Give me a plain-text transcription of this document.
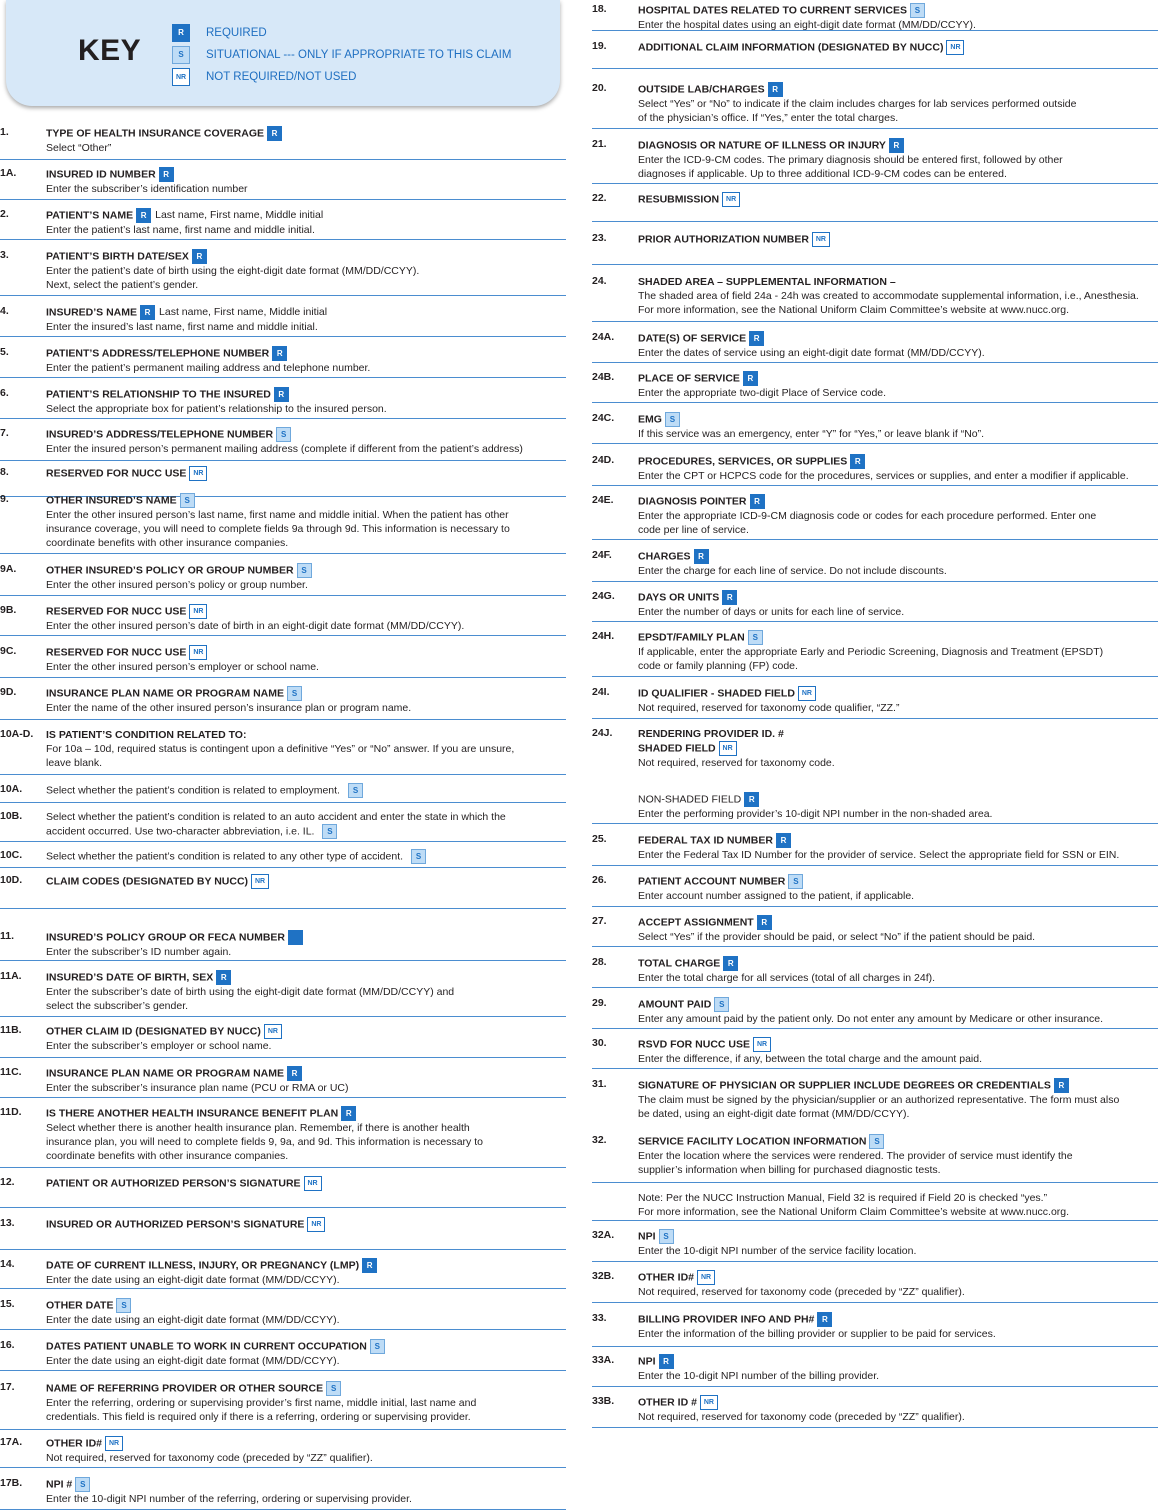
KEY
R	REQUIRED
S	SITUATIONAL --- ONLY IF APPROPRIATE TO THIS CLAIM
NR	NOT REQUIRED/NOT USED
1.	TYPE OF HEALTH INSURANCE COVERAGE R
Select “Other”
1A.	INSURED ID NUMBER R
Enter the subscriber’s identification number
2.	PATIENT’S NAME R Last name, First name, Middle initial
Enter the patient’s last name, first name and middle initial.
3.	PATIENT’S BIRTH DATE/SEX R
Enter the patient’s date of birth using the eight-digit date format (MM/DD/CCYY).
Next, select the patient’s gender.
4.	INSURED’S NAME R Last name, First name, Middle initial
Enter the insured’s last name, first name and middle initial.
5.	PATIENT’S ADDRESS/TELEPHONE NUMBER R
Enter the patient’s permanent mailing address and telephone number.
6.	PATIENT’S RELATIONSHIP TO THE INSURED R
Select the appropriate box for patient’s relationship to the insured person.
7.	INSURED’S ADDRESS/TELEPHONE NUMBER S
Enter the insured person’s permanent mailing address (complete if different from the patient’s address)
8.	RESERVED FOR NUCC USE NR
9.	OTHER INSURED’S NAME S
Enter the other insured person’s last name, first name and middle initial. When the patient has other
insurance coverage, you will need to complete fields 9a through 9d. This information is necessary to
coordinate benefits with other insurance companies.
9A.	OTHER INSURED’S POLICY OR GROUP NUMBER S
Enter the other insured person’s policy or group number.
9B.	RESERVED FOR NUCC USE NR
Enter the other insured person’s date of birth in an eight-digit date format (MM/DD/CCYY).
9C.	RESERVED FOR NUCC USE NR
Enter the other insured person’s employer or school name.
9D.	INSURANCE PLAN NAME OR PROGRAM NAME S
Enter the name of the other insured person’s insurance plan or program name.
10A-D. IS PATIENT’S CONDITION RELATED TO:
For 10a – 10d, required status is contingent upon a definitive “Yes” or “No” answer. If you are unsure,
leave blank.
10A. Select whether the patient’s condition is related to employment. S
10B. Select whether the patient’s condition is related to an auto accident and enter the state in which the
accident occurred. Use two-character abbreviation, i.e. IL. S
10C. Select whether the patient’s condition is related to any other type of accident. S
10D. CLAIM CODES (DESIGNATED BY NUCC) NR
11.	INSURED’S POLICY GROUP OR FECA NUMBER
Enter the subscriber’s ID number again.
11A. INSURED’S DATE OF BIRTH, SEX R
Enter the subscriber’s date of birth using the eight-digit date format (MM/DD/CCYY) and
select the subscriber’s gender.
11B. OTHER CLAIM ID (DESIGNATED BY NUCC) NR
Enter the subscriber’s employer or school name.
11C. INSURANCE PLAN NAME OR PROGRAM NAME R
Enter the subscriber’s insurance plan name (PCU or RMA or UC)
11D. IS THERE ANOTHER HEALTH INSURANCE BENEFIT PLAN R
Select whether there is another health insurance plan. Remember, if there is another health
insurance plan, you will need to complete fields 9, 9a, and 9d. This information is necessary to
coordinate benefits with other insurance companies.
12.	PATIENT OR AUTHORIZED PERSON’S SIGNATURE NR
13.	INSURED OR AUTHORIZED PERSON’S SIGNATURE NR
14.	DATE OF CURRENT ILLNESS, INJURY, OR PREGNANCY (LMP) R
Enter the date using an eight-digit date format (MM/DD/CCYY).
15.	OTHER DATE S
Enter the date using an eight-digit date format (MM/DD/CCYY).
16.	DATES PATIENT UNABLE TO WORK IN CURRENT OCCUPATION S
Enter the date using an eight-digit date format (MM/DD/CCYY).
17.	NAME OF REFERRING PROVIDER OR OTHER SOURCE S
Enter the referring, ordering or supervising provider’s first name, middle initial, last name and
credentials. This field is required only if there is a referring, ordering or supervising provider.
17A. OTHER ID# NR
Not required, reserved for taxonomy code (preceded by “ZZ” qualifier).
17B. NPI # S
Enter the 10-digit NPI number of the referring, ordering or supervising provider.
18.	HOSPITAL DATES RELATED TO CURRENT SERVICES S
Enter the hospital dates using an eight-digit date format (MM/DD/CCYY).
19.	ADDITIONAL CLAIM INFORMATION (DESIGNATED BY NUCC) NR
20.	OUTSIDE LAB/CHARGES R
Select “Yes” or “No” to indicate if the claim includes charges for lab services performed outside
of the physician’s office. If “Yes,” enter the total charges.
21.	DIAGNOSIS OR NATURE OF ILLNESS OR INJURY R
Enter the ICD-9-CM codes. The primary diagnosis should be entered first, followed by other
diagnoses if applicable. Up to three additional ICD-9-CM codes can be entered.
22.	RESUBMISSION NR
23.	PRIOR AUTHORIZATION NUMBER NR
24.	SHADED AREA – SUPPLEMENTAL INFORMATION –
The shaded area of field 24a - 24h was created to accommodate supplemental information, i.e., Anesthesia.
For more information, see the National Uniform Claim Committee’s website at www.nucc.org.
24A. DATE(S) OF SERVICE R
Enter the dates of service using an eight-digit date format (MM/DD/CCYY).
24B. PLACE OF SERVICE R
Enter the appropriate two-digit Place of Service code.
24C. EMG S
If this service was an emergency, enter “Y” for “Yes,” or leave blank if “No”.
24D. PROCEDURES, SERVICES, OR SUPPLIES R
Enter the CPT or HCPCS code for the procedures, services or supplies, and enter a modifier if applicable.
24E. DIAGNOSIS POINTER R
Enter the appropriate ICD-9-CM diagnosis code or codes for each procedure performed. Enter one
code per line of service.
24F. CHARGES R
Enter the charge for each line of service. Do not include discounts.
24G. DAYS OR UNITS R
Enter the number of days or units for each line of service.
24H. EPSDT/FAMILY PLAN S
If applicable, enter the appropriate Early and Periodic Screening, Diagnosis and Treatment (EPSDT)
code or family planning (FP) code.
24I.	ID QUALIFIER - SHADED FIELD NR
Not required, reserved for taxonomy code qualifier, “ZZ.”
24J. RENDERING PROVIDER ID. #
SHADED FIELD NR
Not required, reserved for taxonomy code.
NON-SHADED FIELD R
Enter the performing provider’s 10-digit NPI number in the non-shaded area.
25.	FEDERAL TAX ID NUMBER R
Enter the Federal Tax ID Number for the provider of service. Select the appropriate field for SSN or EIN.
26.	PATIENT ACCOUNT NUMBER S
Enter account number assigned to the patient, if applicable.
27.	ACCEPT ASSIGNMENT R
Select “Yes” if the provider should be paid, or select “No” if the patient should be paid.
28.	TOTAL CHARGE R
Enter the total charge for all services (total of all charges in 24f).
29.	AMOUNT PAID S
Enter any amount paid by the patient only. Do not enter any amount by Medicare or other insurance.
30.	RSVD FOR NUCC USE NR
Enter the difference, if any, between the total charge and the amount paid.
31.	SIGNATURE OF PHYSICIAN OR SUPPLIER INCLUDE DEGREES OR CREDENTIALS R
The claim must be signed by the physician/supplier or an authorized representative. The form must also
be dated, using an eight-digit date format (MM/DD/CCYY).
32.	SERVICE FACILITY LOCATION INFORMATION S
Enter the location where the services were rendered. The provider of service must identify the
supplier’s information when billing for purchased diagnostic tests.
Note: Per the NUCC Instruction Manual, Field 32 is required if Field 20 is checked “yes.”
For more information, see the National Uniform Claim Committee’s website at www.nucc.org.
32A. NPI S
Enter the 10-digit NPI number of the service facility location.
32B. OTHER ID# NR
Not required, reserved for taxonomy code (preceded by “ZZ” qualifier).
33.	BILLING PROVIDER INFO AND PH# R
Enter the information of the billing provider or supplier to be paid for services.
33A. NPI R
Enter the 10-digit NPI number of the billing provider.
33B. OTHER ID # NR
Not required, reserved for taxonomy code (preceded by “ZZ” qualifier).
